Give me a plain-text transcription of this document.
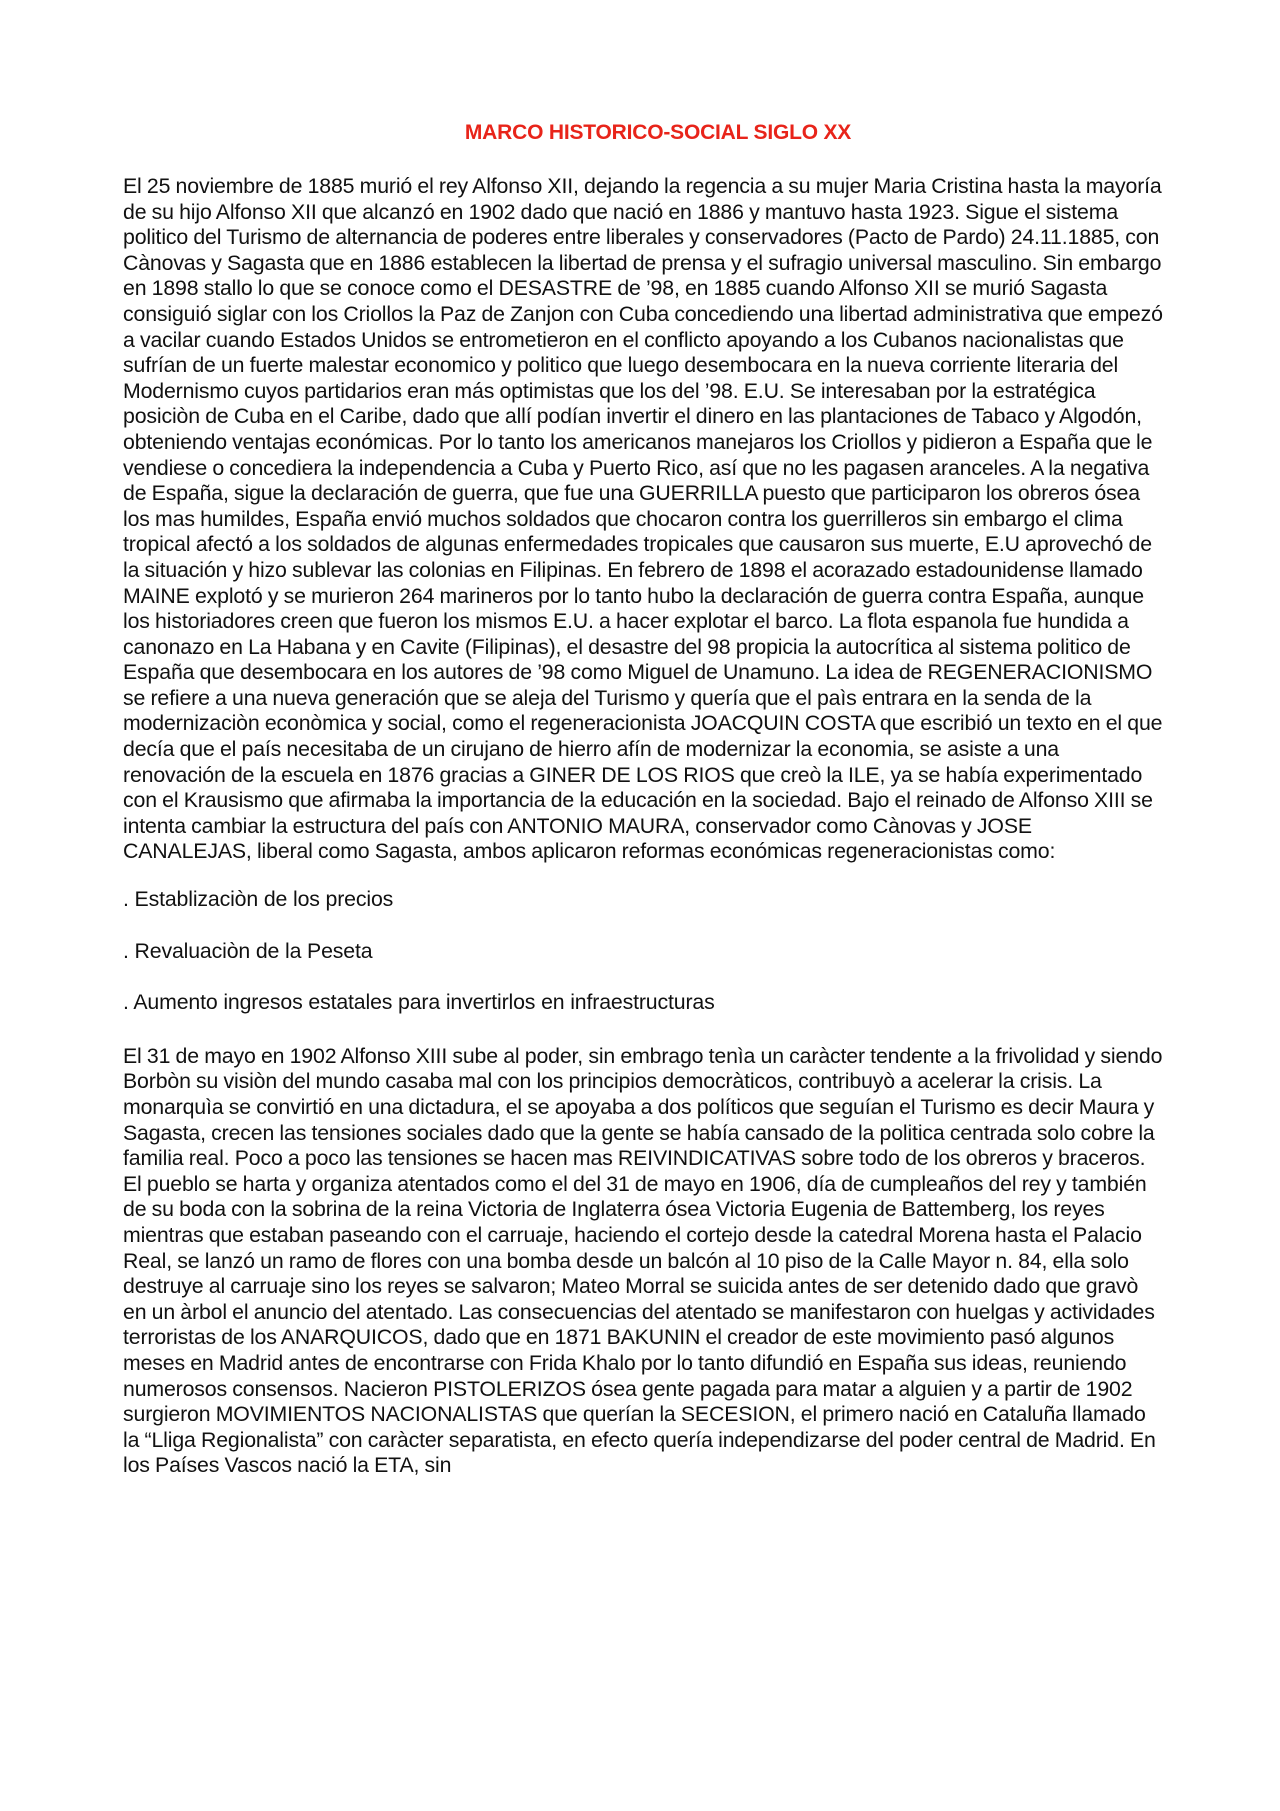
MARCO HISTORICO-SOCIAL SIGLO XX

El 25 noviembre de 1885 murió el rey Alfonso XII, dejando la regencia a su mujer Maria Cristina hasta la mayoría de su hijo Alfonso XII que alcanzó en 1902 dado que nació en 1886 y mantuvo hasta 1923. Sigue el sistema politico del Turismo de alternancia de poderes entre liberales y conservadores (Pacto de Pardo) 24.11.1885, con Cànovas y Sagasta que en 1886 establecen la libertad de prensa y el sufragio universal masculino. Sin embargo en 1898 stallo lo que se conoce como el DESASTRE de ’98, en 1885 cuando Alfonso XII se murió Sagasta consiguió siglar con los Criollos la Paz de Zanjon con Cuba concediendo una libertad administrativa que empezó a vacilar cuando Estados Unidos se entrometieron en el conflicto apoyando a los Cubanos nacionalistas que sufrían de un fuerte malestar economico y politico que luego desembocara en la nueva corriente literaria del Modernismo cuyos partidarios eran más optimistas que los del ’98. E.U. Se interesaban por la estratégica posiciòn de Cuba en el Caribe, dado que allí podían invertir el dinero en las plantaciones de Tabaco y Algodón, obteniendo ventajas económicas. Por lo tanto los americanos manejaros los Criollos y pidieron a España que le vendiese o concediera la independencia a Cuba y Puerto Rico, así que no les pagasen aranceles. A la negativa de España, sigue la declaración de guerra, que fue una GUERRILLA puesto que participaron los obreros ósea los mas humildes, España envió muchos soldados que chocaron contra los guerrilleros sin embargo el clima tropical afectó a los soldados de algunas enfermedades tropicales que causaron sus muerte, E.U aprovechó de la situación y hizo sublevar las colonias en Filipinas. En febrero de 1898 el acorazado estadounidense llamado MAINE explotó y se murieron 264 marineros por lo tanto hubo la declaración de guerra contra España, aunque los historiadores creen que fueron los mismos E.U. a hacer explotar el barco. La flota espanola fue hundida a canonazo en La Habana y en Cavite (Filipinas), el desastre del 98 propicia la autocrítica al sistema politico de España que desembocara en los autores de ’98 como Miguel de Unamuno. La idea de REGENERACIONISMO se refiere a una nueva generación que se aleja del Turismo y quería que el paìs entrara en la senda de la modernizaciòn econòmica y social, como el regeneracionista JOACQUIN COSTA que escribió un texto en el que decía que el país necesitaba de un cirujano de hierro afín de modernizar la economia, se asiste a una renovación de la escuela en 1876 gracias a GINER DE LOS RIOS que creò la ILE, ya se había experimentado con el Krausismo que afirmaba la importancia de la educación en la sociedad. Bajo el reinado de Alfonso XIII se intenta cambiar la estructura del país con ANTONIO MAURA, conservador como Cànovas y JOSE CANALEJAS, liberal como Sagasta, ambos aplicaron reformas económicas regeneracionistas como:

. Establizaciòn de los precios

. Revaluaciòn de la Peseta

. Aumento ingresos estatales para invertirlos en infraestructuras

El 31 de mayo en 1902 Alfonso XIII sube al poder, sin embrago tenìa un caràcter tendente a la frivolidad y siendo Borbòn su visiòn del mundo casaba mal con los principios democràticos, contribuyò a acelerar la crisis. La monarquìa se convirtió en una dictadura, el se apoyaba a dos políticos que seguían el Turismo es decir Maura y Sagasta, crecen las tensiones sociales dado que la gente se había cansado de la politica centrada solo cobre la familia real. Poco a poco las tensiones se hacen mas REIVINDICATIVAS sobre todo de los obreros y braceros. El pueblo se harta y organiza atentados como el del 31 de mayo en 1906, día de cumpleaños del rey y también de su boda con la sobrina de la reina Victoria de Inglaterra ósea Victoria Eugenia de Battemberg, los reyes mientras que estaban paseando con el carruaje, haciendo el cortejo desde la catedral Morena hasta el Palacio Real, se lanzó un ramo de flores con una bomba desde un balcón al 10 piso de la Calle Mayor n. 84, ella solo destruye al carruaje sino los reyes se salvaron; Mateo Morral se suicida antes de ser detenido dado que gravò en un àrbol el anuncio del atentado. Las consecuencias del atentado se manifestaron con huelgas y actividades terroristas de los ANARQUICOS, dado que en 1871 BAKUNIN el creador de este movimiento pasó algunos meses en Madrid antes de encontrarse con Frida Khalo por lo tanto difundió en España sus ideas, reuniendo numerosos consensos. Nacieron PISTOLERIZOS ósea gente pagada para matar a alguien y a partir de 1902 surgieron MOVIMIENTOS NACIONALISTAS que querían la SECESION, el primero nació en Cataluña llamado la “Lliga Regionalista” con caràcter separatista, en efecto quería independizarse del poder central de Madrid. En los Países Vascos nació la ETA, sin
